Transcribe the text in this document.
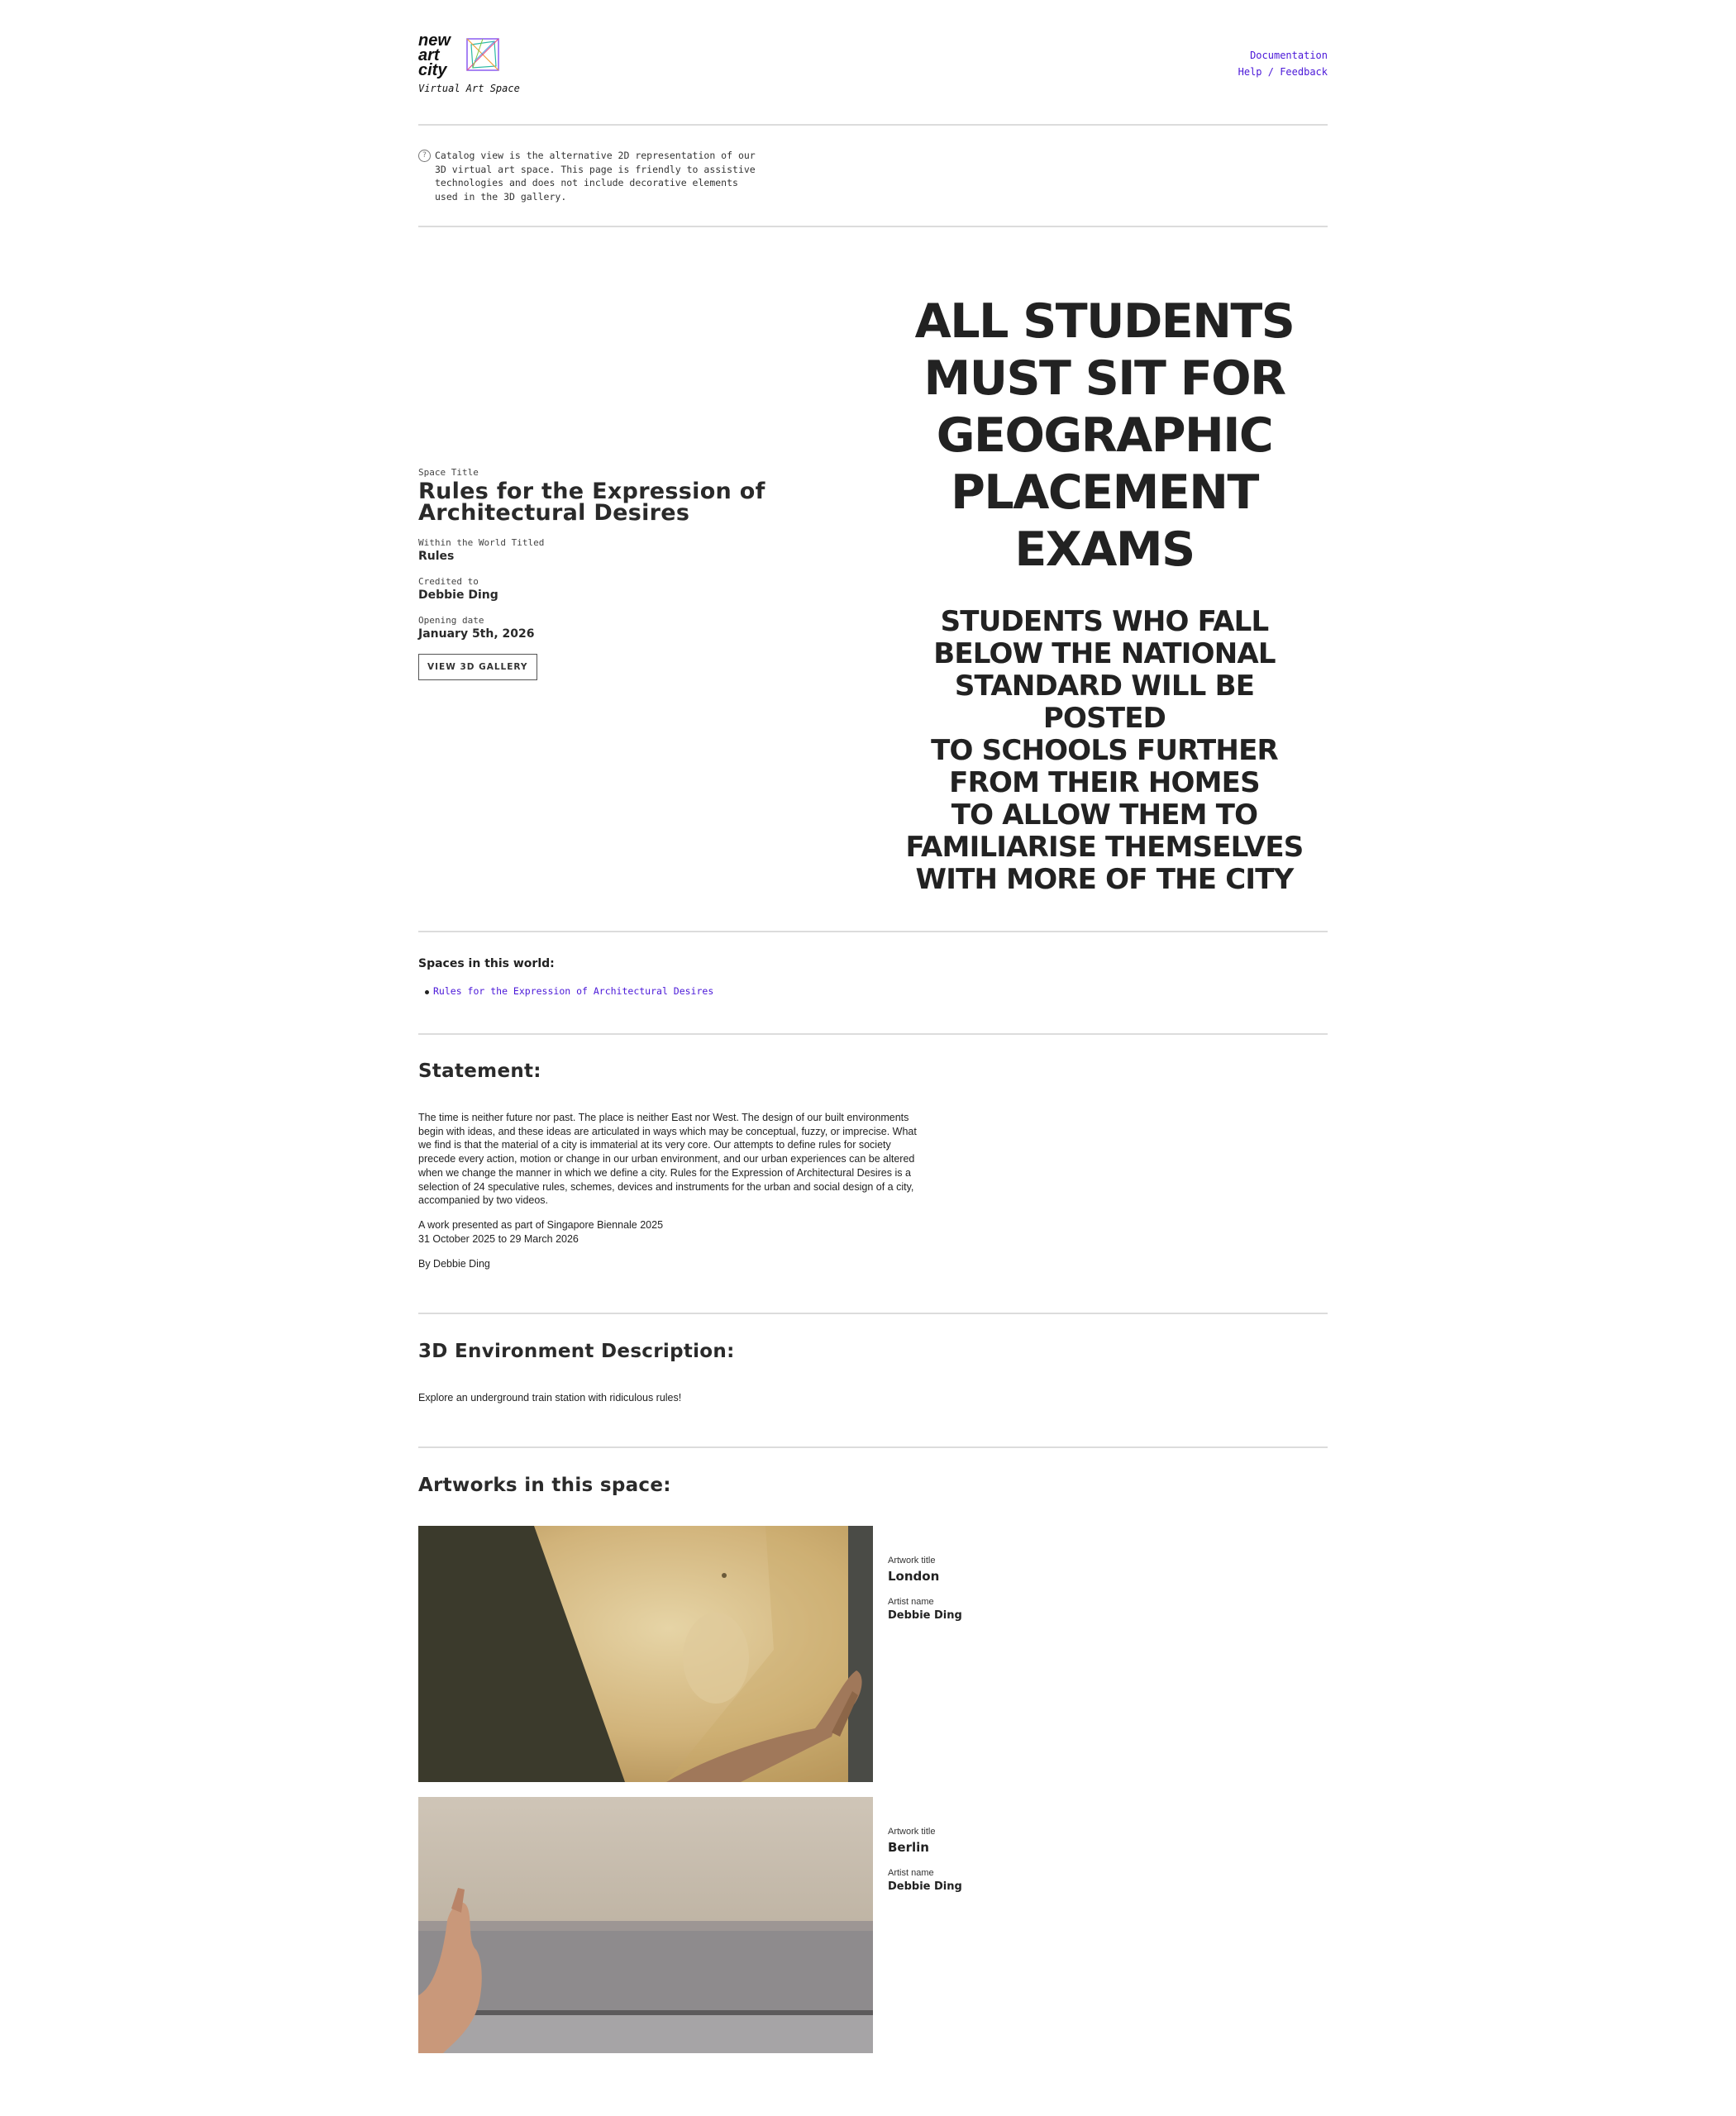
new
art
city
Virtual Art Space
Documentation
Help / Feedback
? Catalog view is the alternative 2D representation of our 3D virtual art space. This page is friendly to assistive technologies and does not include decorative elements used in the 3D gallery.
Space Title
Rules for the Expression of Architectural Desires
Within the World Titled
Rules
Credited to
Debbie Ding
Opening date
January 5th, 2026
VIEW 3D GALLERY
ALL STUDENTS
MUST SIT FOR
GEOGRAPHIC
PLACEMENT
EXAMS
STUDENTS WHO FALL
BELOW THE NATIONAL
STANDARD WILL BE POSTED
TO SCHOOLS FURTHER
FROM THEIR HOMES
TO ALLOW THEM TO
FAMILIARISE THEMSELVES
WITH MORE OF THE CITY
Spaces in this world:
Rules for the Expression of Architectural Desires
Statement:
The time is neither future nor past. The place is neither East nor West. The design of our built environments begin with ideas, and these ideas are articulated in ways which may be conceptual, fuzzy, or imprecise. What we find is that the material of a city is immaterial at its very core. Our attempts to define rules for society precede every action, motion or change in our urban environment, and our urban experiences can be altered when we change the manner in which we define a city. Rules for the Expression of Architectural Desires is a selection of 24 speculative rules, schemes, devices and instruments for the urban and social design of a city, accompanied by two videos.
A work presented as part of Singapore Biennale 2025
31 October 2025 to 29 March 2026
By Debbie Ding
3D Environment Description:
Explore an underground train station with ridiculous rules!
Artworks in this space:
Artwork title
London
Artist name
Debbie Ding
Artwork title
Berlin
Artist name
Debbie Ding
